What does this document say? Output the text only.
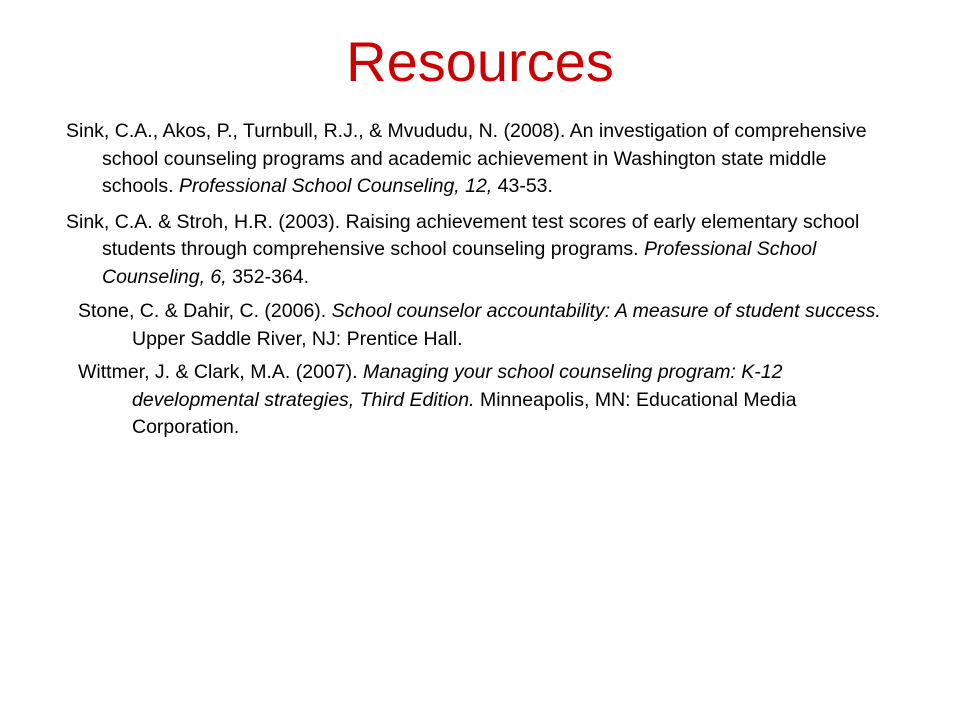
Resources

Sink, C.A., Akos, P., Turnbull, R.J., & Mvududu, N. (2008). An investigation of comprehensive school counseling programs and academic achievement in Washington state middle schools. Professional School Counseling, 12, 43-53.

Sink, C.A. & Stroh, H.R. (2003). Raising achievement test scores of early elementary school students through comprehensive school counseling programs. Professional School Counseling, 6, 352-364.

Stone, C. & Dahir, C. (2006). School counselor accountability: A measure of student success. Upper Saddle River, NJ: Prentice Hall.

Wittmer, J. & Clark, M.A. (2007). Managing your school counseling program: K-12 developmental strategies, Third Edition. Minneapolis, MN: Educational Media Corporation.
